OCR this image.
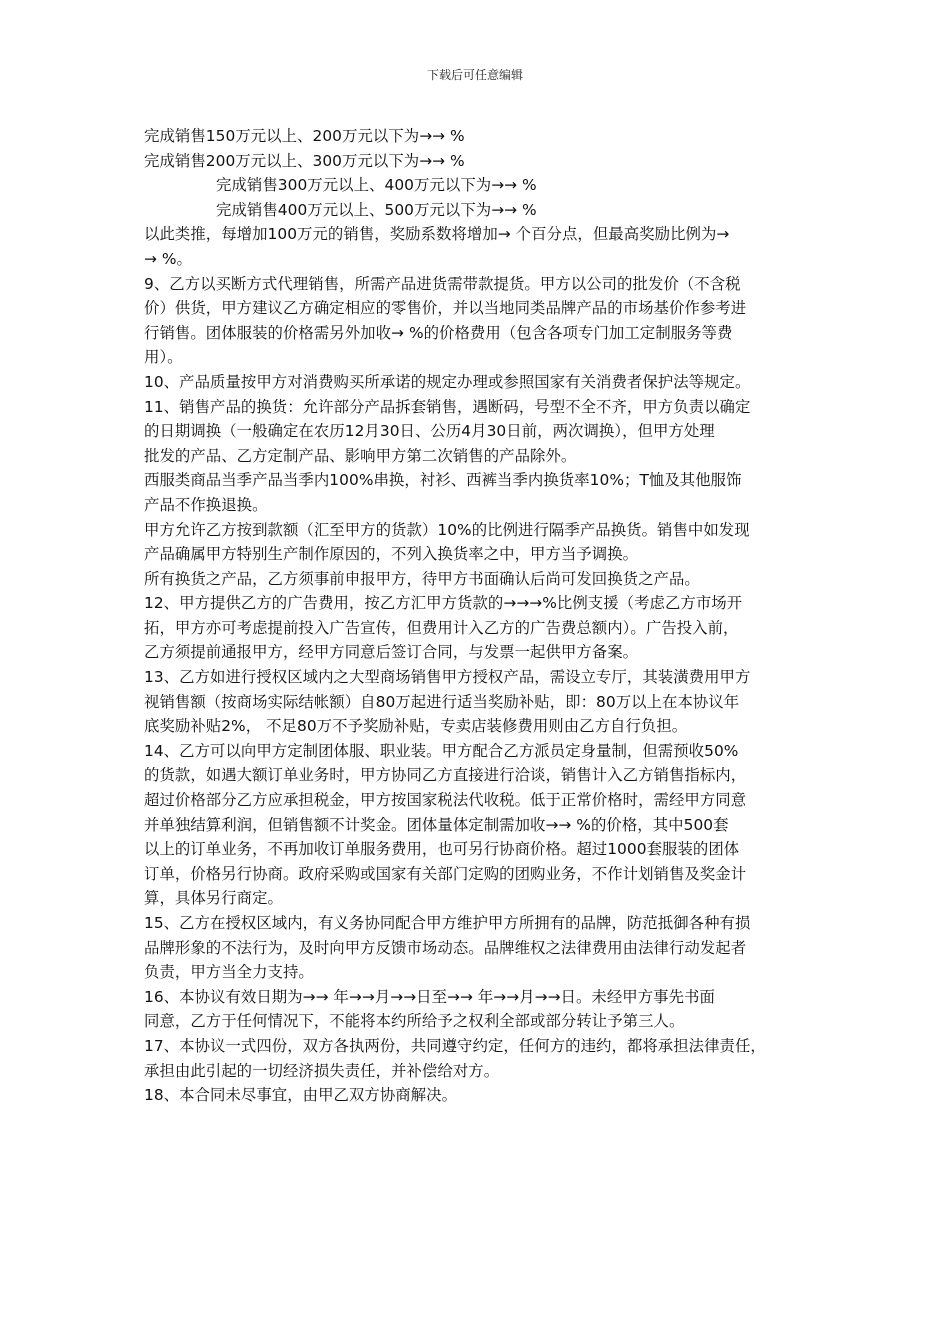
下载后可任意编辑
完成销售150万元以上、200万元以下为→→ %
完成销售200万元以上、300万元以下为→→ %
完成销售300万元以上、400万元以下为→→ %
完成销售400万元以上、500万元以下为→→ %
以此类推，每增加100万元的销售，奖励系数将增加→ 个百分点，但最高奖励比例为→
→ %。
9、乙方以买断方式代理销售，所需产品进货需带款提货。甲方以公司的批发价（不含税
价）供货，甲方建议乙方确定相应的零售价，并以当地同类品牌产品的市场基价作参考进
行销售。团体服装的价格需另外加收→ %的价格费用（包含各项专门加工定制服务等费
用）。
10、产品质量按甲方对消费购买所承诺的规定办理或参照国家有关消费者保护法等规定。
11、销售产品的换货：允许部分产品拆套销售，遇断码，号型不全不齐，甲方负责以确定
的日期调换（一般确定在农历12月30日、公历4月30日前，两次调换），但甲方处理
批发的产品、乙方定制产品、影响甲方第二次销售的产品除外。
西服类商品当季产品当季内100%串换，衬衫、西裤当季内换货率10%；T恤及其他服饰
产品不作换退换。
甲方允许乙方按到款额（汇至甲方的货款）10%的比例进行隔季产品换货。销售中如发现
产品确属甲方特别生产制作原因的，不列入换货率之中，甲方当予调换。
所有换货之产品，乙方须事前申报甲方，待甲方书面确认后尚可发回换货之产品。
12、甲方提供乙方的广告费用，按乙方汇甲方货款的→→→%比例支援（考虑乙方市场开
拓，甲方亦可考虑提前投入广告宣传，但费用计入乙方的广告费总额内）。广告投入前，
乙方须提前通报甲方，经甲方同意后签订合同，与发票一起供甲方备案。
13、乙方如进行授权区域内之大型商场销售甲方授权产品，需设立专厅，其装潢费用甲方
视销售额（按商场实际结帐额）自80万起进行适当奖励补贴，即：80万以上在本协议年
底奖励补贴2%， 不足80万不予奖励补贴，专卖店装修费用则由乙方自行负担。
14、乙方可以向甲方定制团体服、职业装。甲方配合乙方派员定身量制，但需预收50%
的货款，如遇大额订单业务时，甲方协同乙方直接进行洽谈，销售计入乙方销售指标内，
超过价格部分乙方应承担税金，甲方按国家税法代收税。低于正常价格时，需经甲方同意
并单独结算利润，但销售额不计奖金。团体量体定制需加收→→ %的价格，其中500套
以上的订单业务，不再加收订单服务费用，也可另行协商价格。超过1000套服装的团体
订单，价格另行协商。政府采购或国家有关部门定购的团购业务，不作计划销售及奖金计
算，具体另行商定。
15、乙方在授权区域内，有义务协同配合甲方维护甲方所拥有的品牌，防范抵御各种有损
品牌形象的不法行为，及时向甲方反馈市场动态。品牌维权之法律费用由法律行动发起者
负责，甲方当全力支持。
16、本协议有效日期为→→ 年→→月→→日至→→ 年→→月→→日。未经甲方事先书面
同意，乙方于任何情况下，不能将本约所给予之权利全部或部分转让予第三人。
17、本协议一式四份，双方各执两份，共同遵守约定，任何方的违约，都将承担法律责任，
承担由此引起的一切经济损失责任，并补偿给对方。
18、本合同未尽事宜，由甲乙双方协商解决。
